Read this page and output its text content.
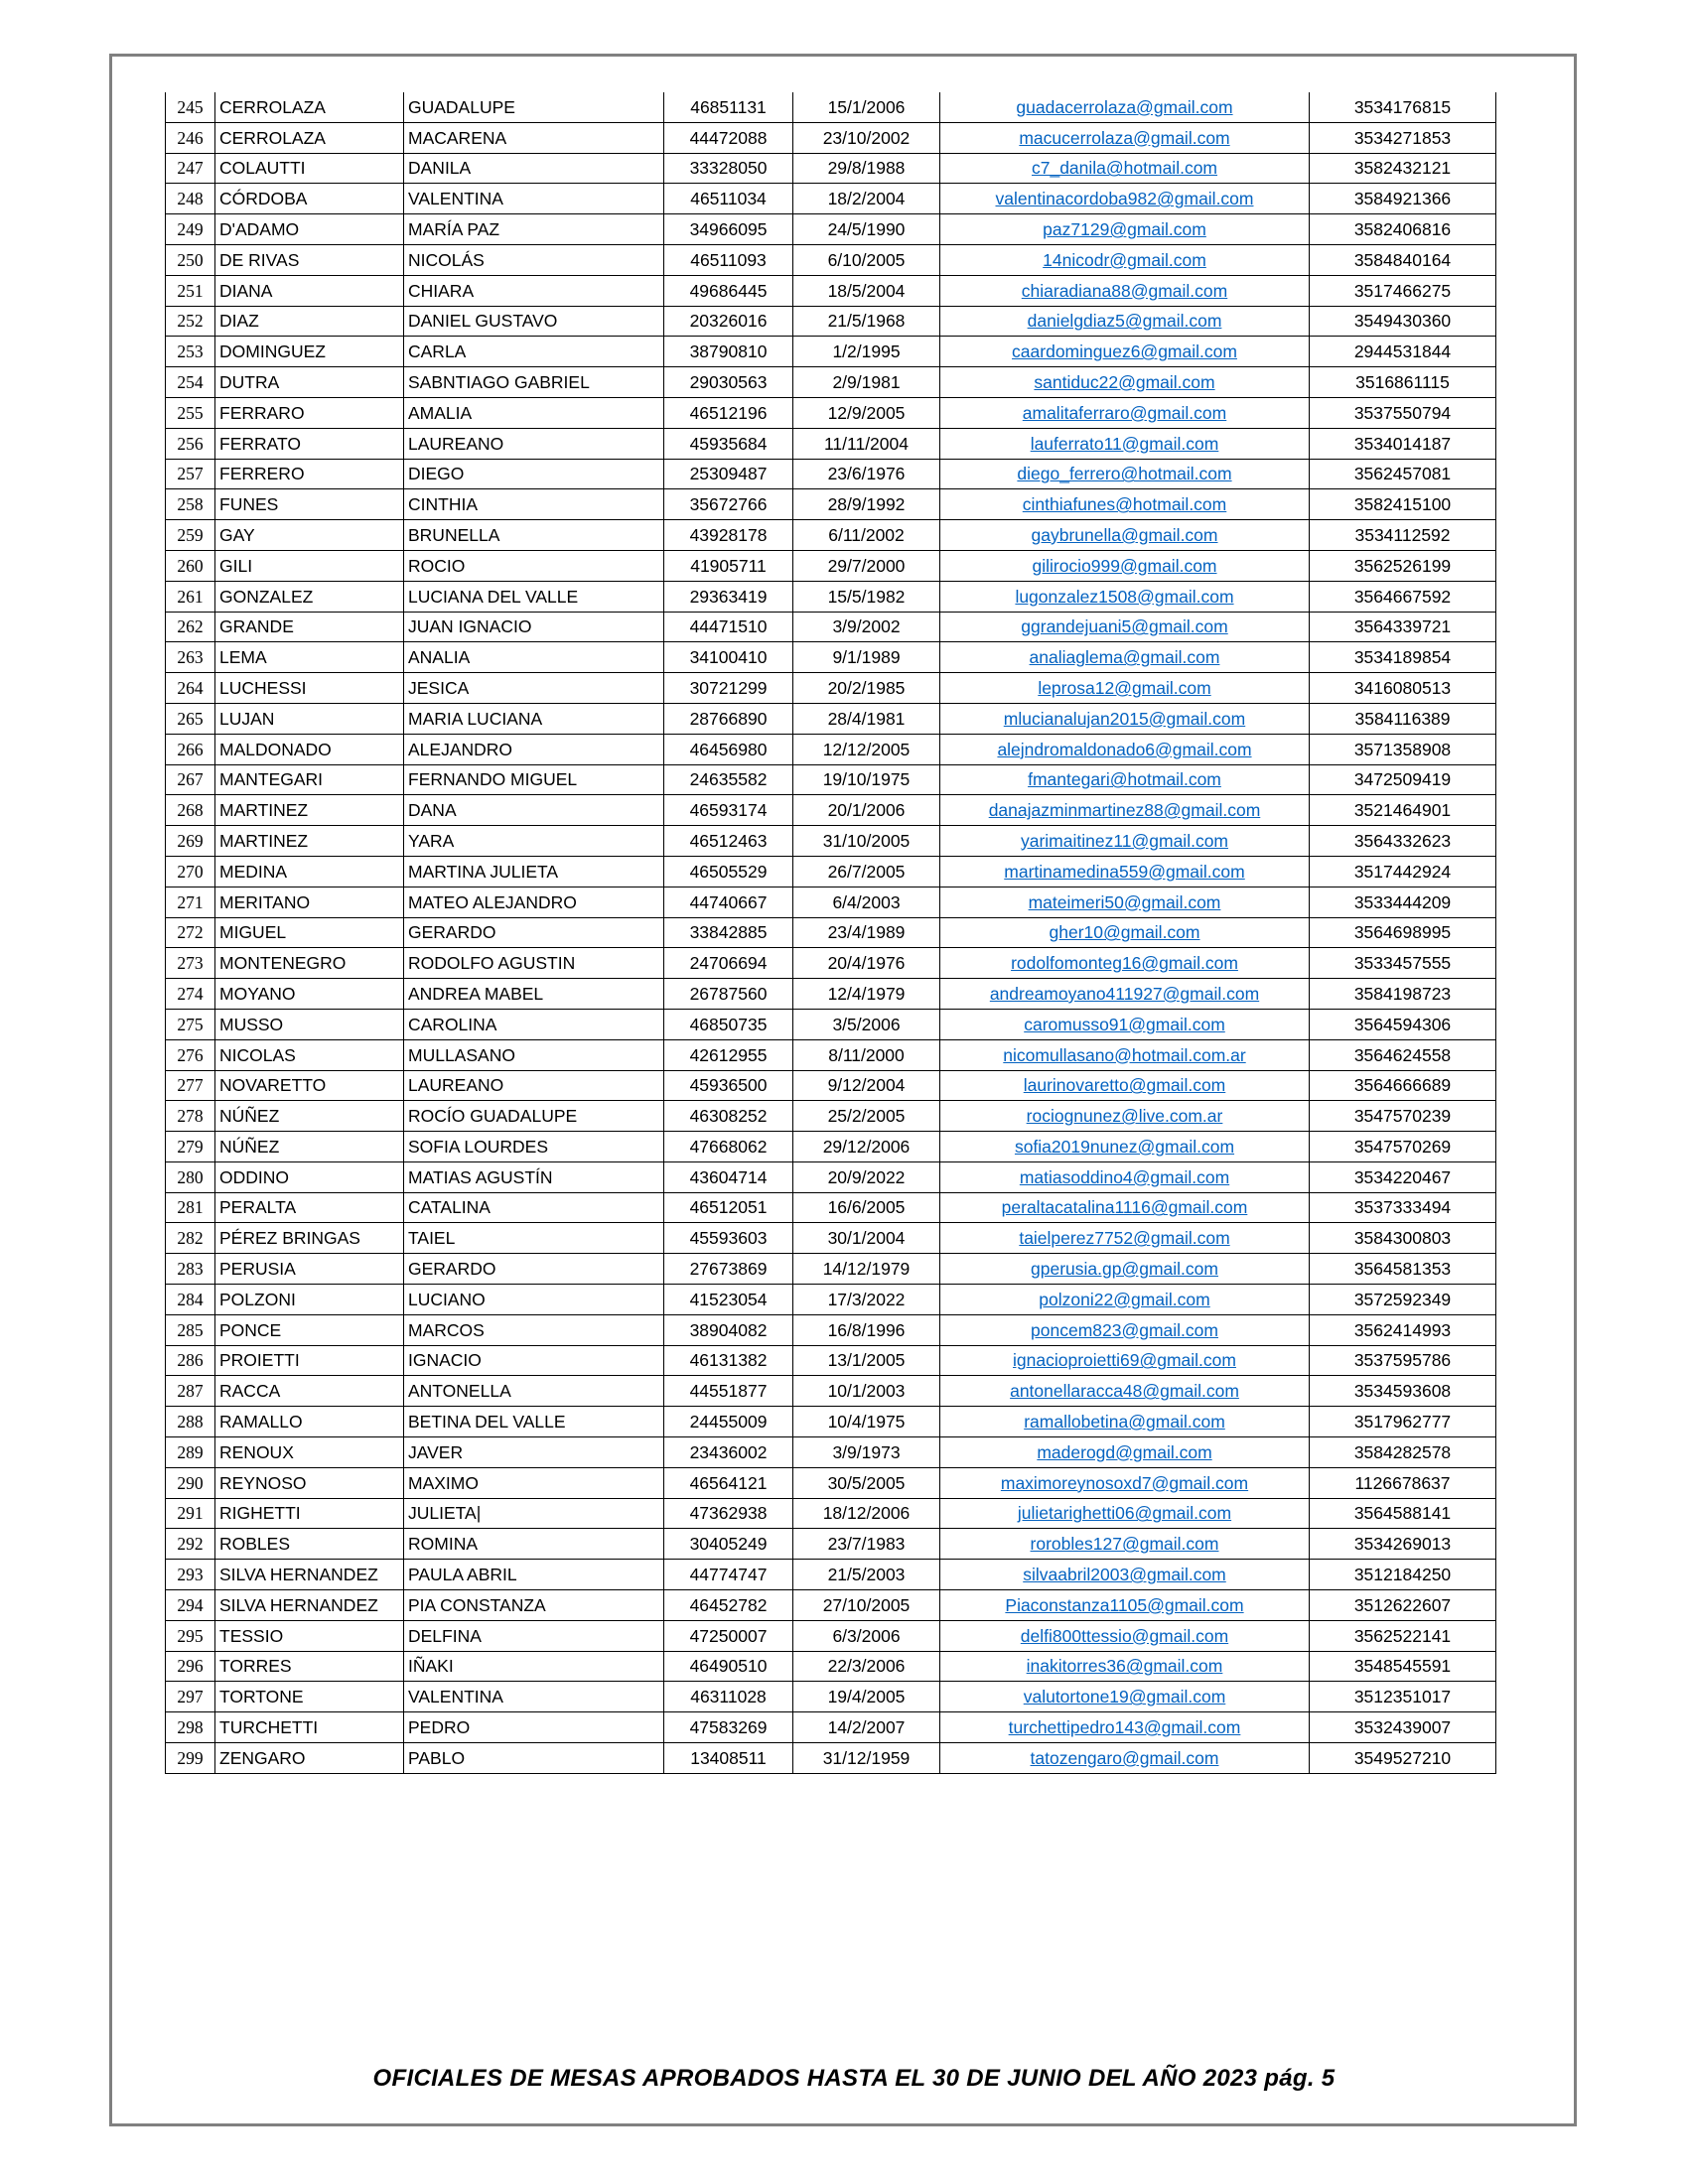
245	CERROLAZA	GUADALUPE	46851131	15/1/2006	guadacerrolaza@gmail.com	3534176815
246	CERROLAZA	MACARENA	44472088	23/10/2002	macucerrolaza@gmail.com	3534271853
247	COLAUTTI	DANILA	33328050	29/8/1988	c7_danila@hotmail.com	3582432121
248	CÓRDOBA	VALENTINA	46511034	18/2/2004	valentinacordoba982@gmail.com	3584921366
249	D'ADAMO	MARÍA PAZ	34966095	24/5/1990	paz7129@gmail.com	3582406816
250	DE RIVAS	NICOLÁS	46511093	6/10/2005	14nicodr@gmail.com	3584840164
251	DIANA	CHIARA	49686445	18/5/2004	chiaradiana88@gmail.com	3517466275
252	DIAZ	DANIEL GUSTAVO	20326016	21/5/1968	danielgdiaz5@gmail.com	3549430360
253	DOMINGUEZ	CARLA	38790810	1/2/1995	caardominguez6@gmail.com	2944531844
254	DUTRA	SABNTIAGO GABRIEL	29030563	2/9/1981	santiduc22@gmail.com	3516861115
255	FERRARO	AMALIA	46512196	12/9/2005	amalitaferraro@gmail.com	3537550794
256	FERRATO	LAUREANO	45935684	11/11/2004	lauferrato11@gmail.com	3534014187
257	FERRERO	DIEGO	25309487	23/6/1976	diego_ferrero@hotmail.com	3562457081
258	FUNES	CINTHIA	35672766	28/9/1992	cinthiafunes@hotmail.com	3582415100
259	GAY	BRUNELLA	43928178	6/11/2002	gaybrunella@gmail.com	3534112592
260	GILI	ROCIO	41905711	29/7/2000	gilirocio999@gmail.com	3562526199
261	GONZALEZ	LUCIANA DEL VALLE	29363419	15/5/1982	lugonzalez1508@gmail.com	3564667592
262	GRANDE	JUAN IGNACIO	44471510	3/9/2002	ggrandejuani5@gmail.com	3564339721
263	LEMA	ANALIA	34100410	9/1/1989	analiaglema@gmail.com	3534189854
264	LUCHESSI	JESICA	30721299	20/2/1985	leprosa12@gmail.com	3416080513
265	LUJAN	MARIA LUCIANA	28766890	28/4/1981	mlucianalujan2015@gmail.com	3584116389
266	MALDONADO	ALEJANDRO	46456980	12/12/2005	alejndromaldonado6@gmail.com	3571358908
267	MANTEGARI	FERNANDO MIGUEL	24635582	19/10/1975	fmantegari@hotmail.com	3472509419
268	MARTINEZ	DANA	46593174	20/1/2006	danajazminmartinez88@gmail.com	3521464901
269	MARTINEZ	YARA	46512463	31/10/2005	yarimaitinez11@gmail.com	3564332623
270	MEDINA	MARTINA JULIETA	46505529	26/7/2005	martinamedina559@gmail.com	3517442924
271	MERITANO	MATEO ALEJANDRO	44740667	6/4/2003	mateimeri50@gmail.com	3533444209
272	MIGUEL	GERARDO	33842885	23/4/1989	gher10@gmail.com	3564698995
273	MONTENEGRO	RODOLFO AGUSTIN	24706694	20/4/1976	rodolfomonteg16@gmail.com	3533457555
274	MOYANO	ANDREA MABEL	26787560	12/4/1979	andreamoyano411927@gmail.com	3584198723
275	MUSSO	CAROLINA	46850735	3/5/2006	caromusso91@gmail.com	3564594306
276	NICOLAS	MULLASANO	42612955	8/11/2000	nicomullasano@hotmail.com.ar	3564624558
277	NOVARETTO	LAUREANO	45936500	9/12/2004	laurinovaretto@gmail.com	3564666689
278	NÚÑEZ	ROCÍO GUADALUPE	46308252	25/2/2005	rociognunez@live.com.ar	3547570239
279	NÚÑEZ	SOFIA LOURDES	47668062	29/12/2006	sofia2019nunez@gmail.com	3547570269
280	ODDINO	MATIAS AGUSTÍN	43604714	20/9/2022	matiasoddino4@gmail.com	3534220467
281	PERALTA	CATALINA	46512051	16/6/2005	peraltacatalina1116@gmail.com	3537333494
282	PÉREZ BRINGAS	TAIEL	45593603	30/1/2004	taielperez7752@gmail.com	3584300803
283	PERUSIA	GERARDO	27673869	14/12/1979	gperusia.gp@gmail.com	3564581353
284	POLZONI	LUCIANO	41523054	17/3/2022	polzoni22@gmail.com	3572592349
285	PONCE	MARCOS	38904082	16/8/1996	poncem823@gmail.com	3562414993
286	PROIETTI	IGNACIO	46131382	13/1/2005	ignacioproietti69@gmail.com	3537595786
287	RACCA	ANTONELLA	44551877	10/1/2003	antonellaracca48@gmail.com	3534593608
288	RAMALLO	BETINA DEL VALLE	24455009	10/4/1975	ramallobetina@gmail.com	3517962777
289	RENOUX	JAVER	23436002	3/9/1973	maderogd@gmail.com	3584282578
290	REYNOSO	MAXIMO	46564121	30/5/2005	maximoreynosoxd7@gmail.com	1126678637
291	RIGHETTI	JULIETA|	47362938	18/12/2006	julietarighetti06@gmail.com	3564588141
292	ROBLES	ROMINA	30405249	23/7/1983	rorobles127@gmail.com	3534269013
293	SILVA HERNANDEZ	PAULA ABRIL	44774747	21/5/2003	silvaabril2003@gmail.com	3512184250
294	SILVA HERNANDEZ	PIA CONSTANZA	46452782	27/10/2005	Piaconstanza1105@gmail.com	3512622607
295	TESSIO	DELFINA	47250007	6/3/2006	delfi800ttessio@gmail.com	3562522141
296	TORRES	IÑAKI	46490510	22/3/2006	inakitorres36@gmail.com	3548545591
297	TORTONE	VALENTINA	46311028	19/4/2005	valutortone19@gmail.com	3512351017
298	TURCHETTI	PEDRO	47583269	14/2/2007	turchettipedro143@gmail.com	3532439007
299	ZENGARO	PABLO	13408511	31/12/1959	tatozengaro@gmail.com	3549527210
OFICIALES DE MESAS APROBADOS HASTA EL 30 DE JUNIO DEL AÑO 2023 pág. 5
